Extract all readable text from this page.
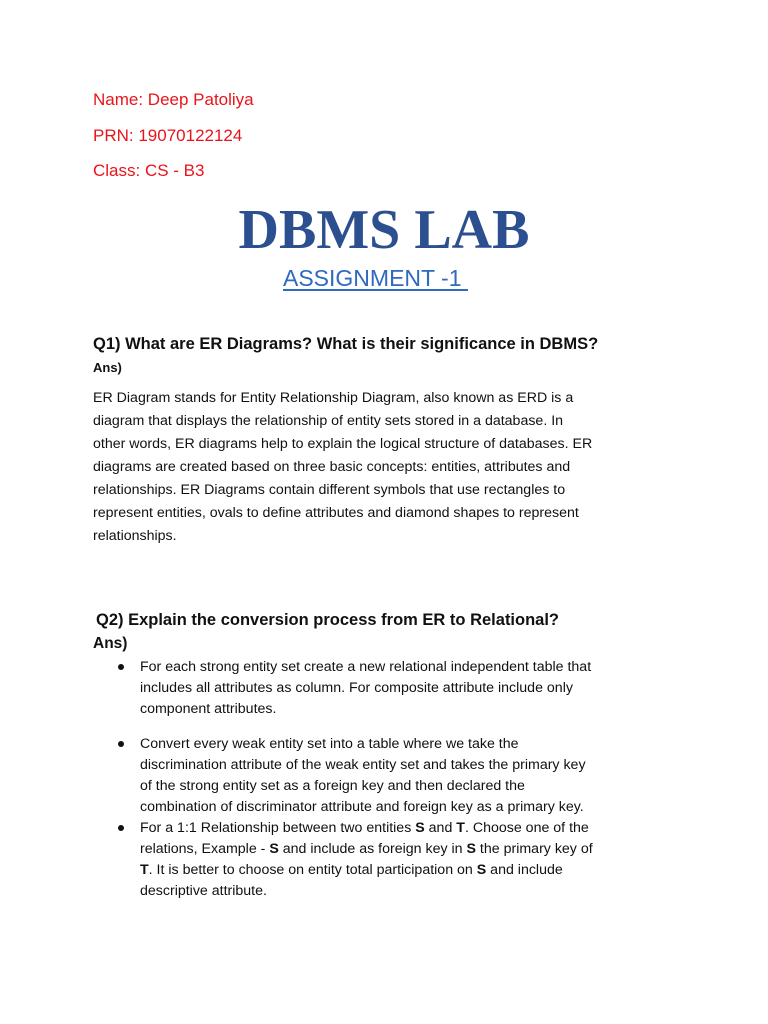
Name: Deep Patoliya
PRN: 19070122124
Class: CS - B3
DBMS LAB
ASSIGNMENT -1
Q1) What are ER Diagrams? What is their significance in DBMS?
Ans)
ER Diagram stands for Entity Relationship Diagram, also known as ERD is a
diagram that displays the relationship of entity sets stored in a database. In
other words, ER diagrams help to explain the logical structure of databases. ER
diagrams are created based on three basic concepts: entities, attributes and
relationships. ER Diagrams contain different symbols that use rectangles to
represent entities, ovals to define attributes and diamond shapes to represent
relationships.
Q2) Explain the conversion process from ER to Relational?
Ans)
For each strong entity set create a new relational independent table that
includes all attributes as column. For composite attribute include only
component attributes.
Convert every weak entity set into a table where we take the
discrimination attribute of the weak entity set and takes the primary key
of the strong entity set as a foreign key and then declared the
combination of discriminator attribute and foreign key as a primary key.
For a 1:1 Relationship between two entities S and T. Choose one of the
relations, Example - S and include as foreign key in S the primary key of
T. It is better to choose on entity total participation on S and include
descriptive attribute.
